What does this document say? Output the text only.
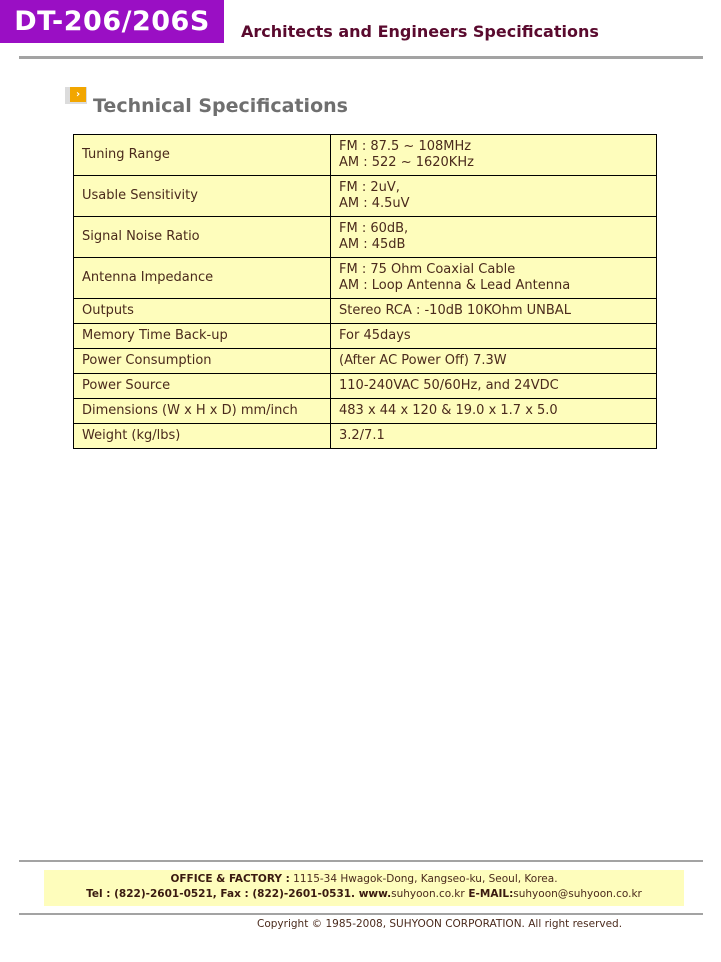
DT-206/206S	Architects and Engineers Specifications
›
Technical Specifications
Tuning Range	FM : 87.5 ~ 108MHz
AM : 522 ~ 1620KHz

Usable Sensitivity	FM : 2uV,
AM : 4.5uV

Signal Noise Ratio	FM : 60dB,
AM : 45dB

Antenna Impedance	FM : 75 Ohm Coaxial Cable
AM : Loop Antenna & Lead Antenna

Outputs	Stereo RCA : -10dB 10KOhm UNBAL

Memory Time Back-up	For 45days

Power Consumption	(After AC Power Off) 7.3W

Power Source	110-240VAC 50/60Hz, and 24VDC

Dimensions (W x H x D) mm/inch	483 x 44 x 120 & 19.0 x 1.7 x 5.0

Weight (kg/lbs)	3.2/7.1
OFFICE & FACTORY : 1115-34 Hwagok-Dong, Kangseo-ku, Seoul, Korea.
Tel : (822)-2601-0521, Fax : (822)-2601-0531. www.suhyoon.co.kr E-MAIL:suhyoon@suhyoon.co.kr
Copyright © 1985-2008, SUHYOON CORPORATION. All right reserved.
